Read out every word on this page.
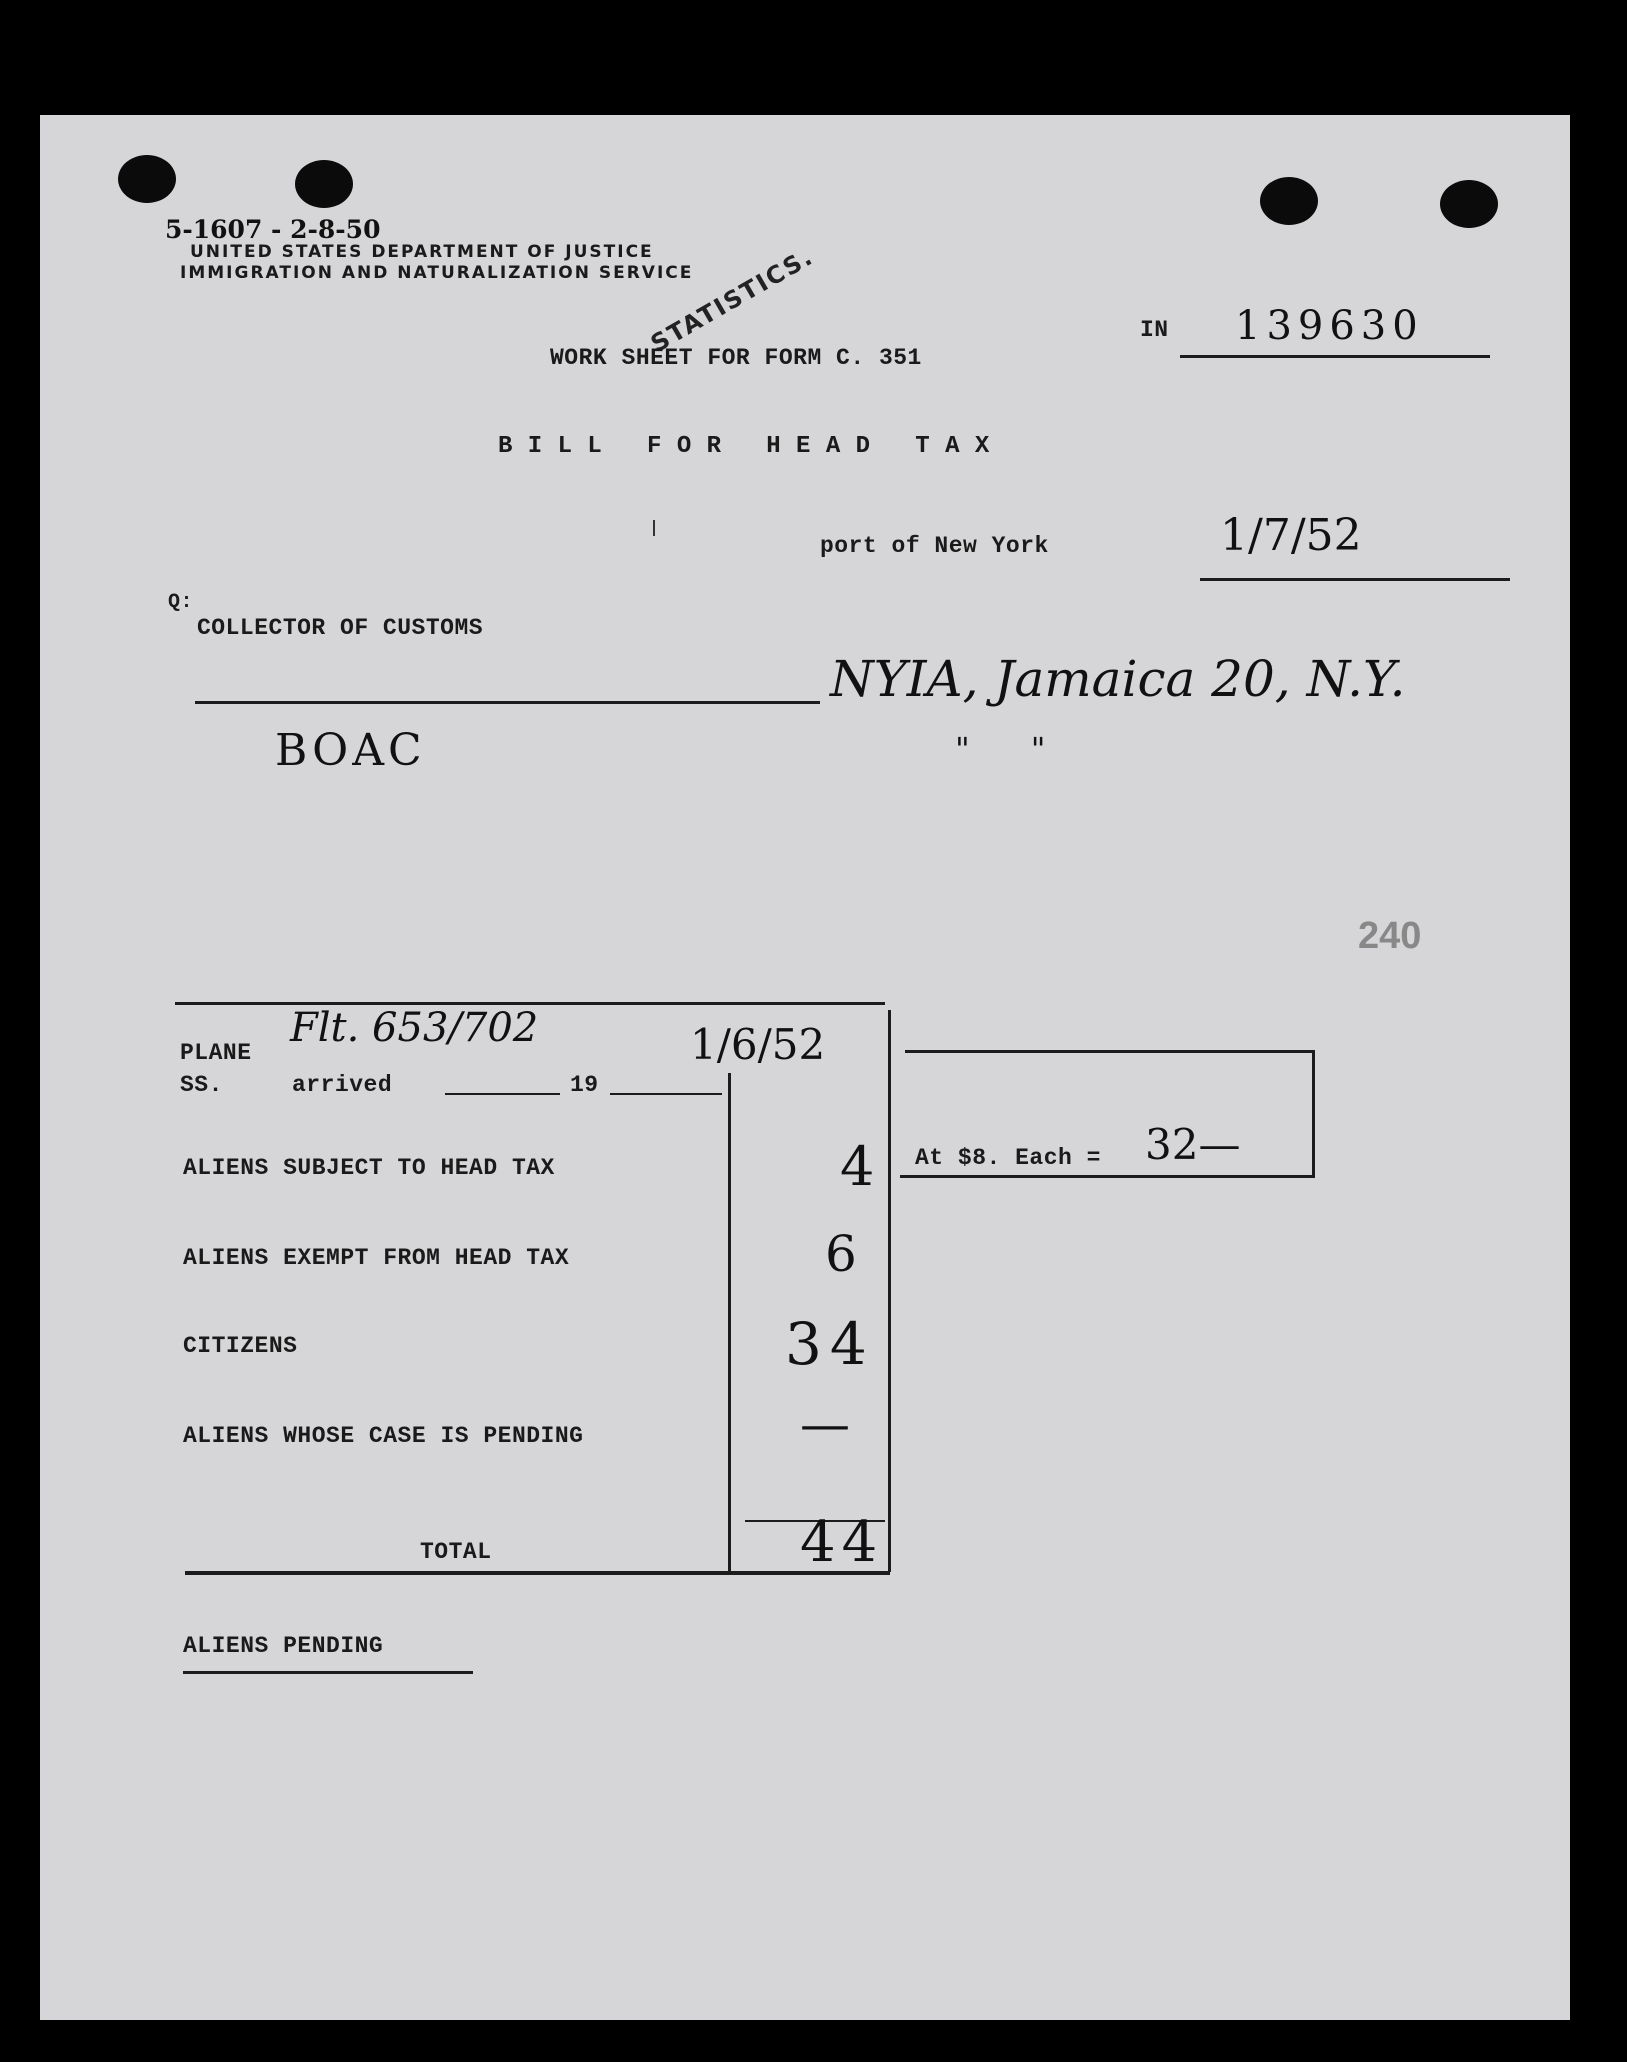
5-1607 - 2-8-50
UNITED STATES DEPARTMENT OF JUSTICE
IMMIGRATION AND NATURALIZATION SERVICE
STATISTICS.	IN 139630
WORK SHEET FOR FORM C. 351
B I L L   F O R   H E A D   T A X
port of New York	1/7/52
Q:
COLLECTOR OF CUSTOMS
NYIA, Jamaica 20, N.Y.
"      "
BOAC
240
PLANE
SS.
Flt. 653/702	1/6/52
arrived	19
ALIENS SUBJECT TO HEAD TAX	4
ALIENS EXEMPT FROM HEAD TAX	6
CITIZENS	34
ALIENS WHOSE CASE IS PENDING	—
TOTAL	44
At $8. Each = 32—
ALIENS PENDING
